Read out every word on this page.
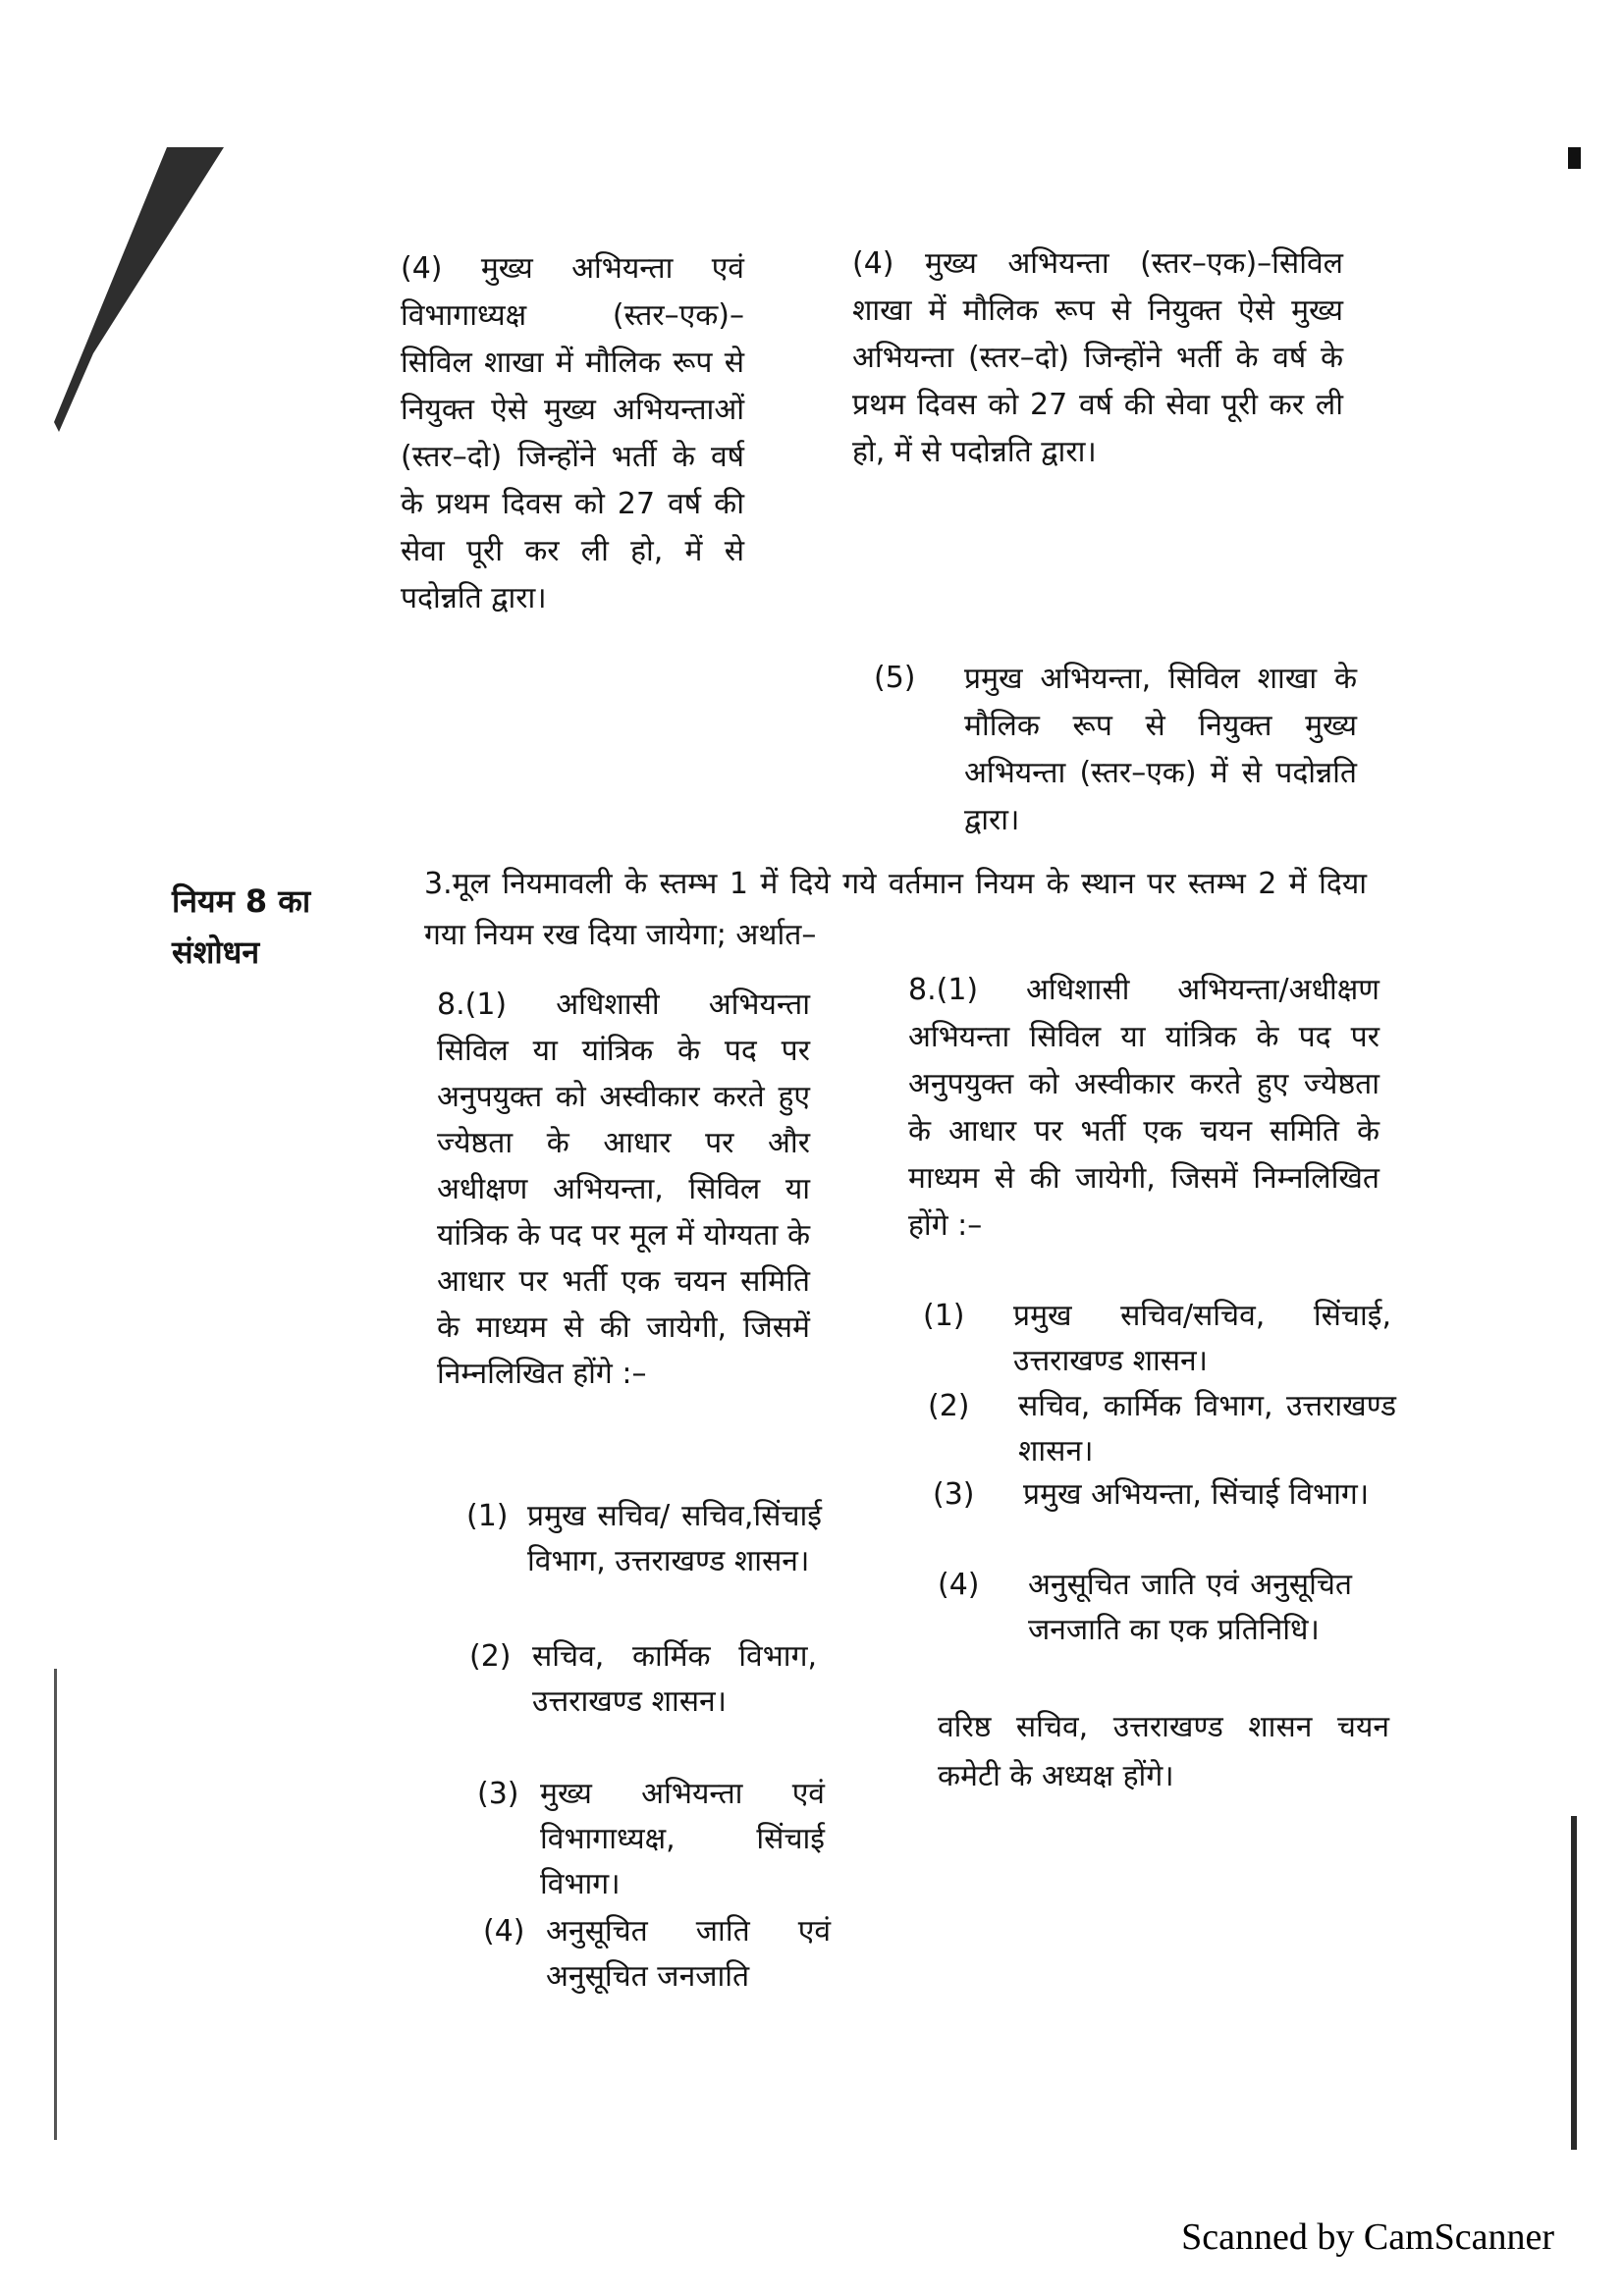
(4) मुख्य अभियन्ता एवं विभागाध्यक्ष (स्तर–एक)– सिविल शाखा में मौलिक रूप से नियुक्त ऐसे मुख्य अभियन्ताओं (स्तर–दो) जिन्होंने भर्ती के वर्ष के प्रथम दिवस को 27 वर्ष की सेवा पूरी कर ली हो, में से पदोन्नति द्वारा।

(4) मुख्य अभियन्ता (स्तर–एक)–सिविल शाखा में मौलिक रूप से नियुक्त ऐसे मुख्य अभियन्ता (स्तर–दो) जिन्होंने भर्ती के वर्ष के प्रथम दिवस को 27 वर्ष की सेवा पूरी कर ली हो, में से पदोन्नति द्वारा।

(5) प्रमुख अभियन्ता, सिविल शाखा के मौलिक रूप से नियुक्त मुख्य अभियन्ता (स्तर–एक) में से पदोन्नति द्वारा।
नियम 8 का
संशोधन

3.मूल नियमावली के स्तम्भ 1 में दिये गये वर्तमान नियम के स्थान पर स्तम्भ 2 में दिया गया नियम रख दिया जायेगा; अर्थात–

8.(1) अधिशासी अभियन्ता सिविल या यांत्रिक के पद पर अनुपयुक्त को अस्वीकार करते हुए ज्येष्ठता के आधार पर और अधीक्षण अभियन्ता, सिविल या यांत्रिक के पद पर मूल में योग्यता के आधार पर भर्ती एक चयन समिति के माध्यम से की जायेगी, जिसमें निम्नलिखित होंगे :–

(1) प्रमुख सचिव/ सचिव,सिंचाई विभाग, उत्तराखण्ड शासन।
(2) सचिव, कार्मिक विभाग, उत्तराखण्ड शासन।
(3) मुख्य अभियन्ता एवं विभागाध्यक्ष, सिंचाई विभाग।
(4) अनुसूचित जाति एवं अनुसूचित जनजाति

8.(1) अधिशासी अभियन्ता/अधीक्षण अभियन्ता सिविल या यांत्रिक के पद पर अनुपयुक्त को अस्वीकार करते हुए ज्येष्ठता के आधार पर भर्ती एक चयन समिति के माध्यम से की जायेगी, जिसमें निम्नलिखित होंगे :–

(1) प्रमुख सचिव/सचिव, सिंचाई, उत्तराखण्ड शासन।
(2) सचिव, कार्मिक विभाग, उत्तराखण्ड शासन।
(3) प्रमुख अभियन्ता, सिंचाई विभाग।
(4) अनुसूचित जाति एवं अनुसूचित जनजाति का एक प्रतिनिधि।

वरिष्ठ सचिव, उत्तराखण्ड शासन चयन कमेटी के अध्यक्ष होंगे।

Scanned by CamScanner
